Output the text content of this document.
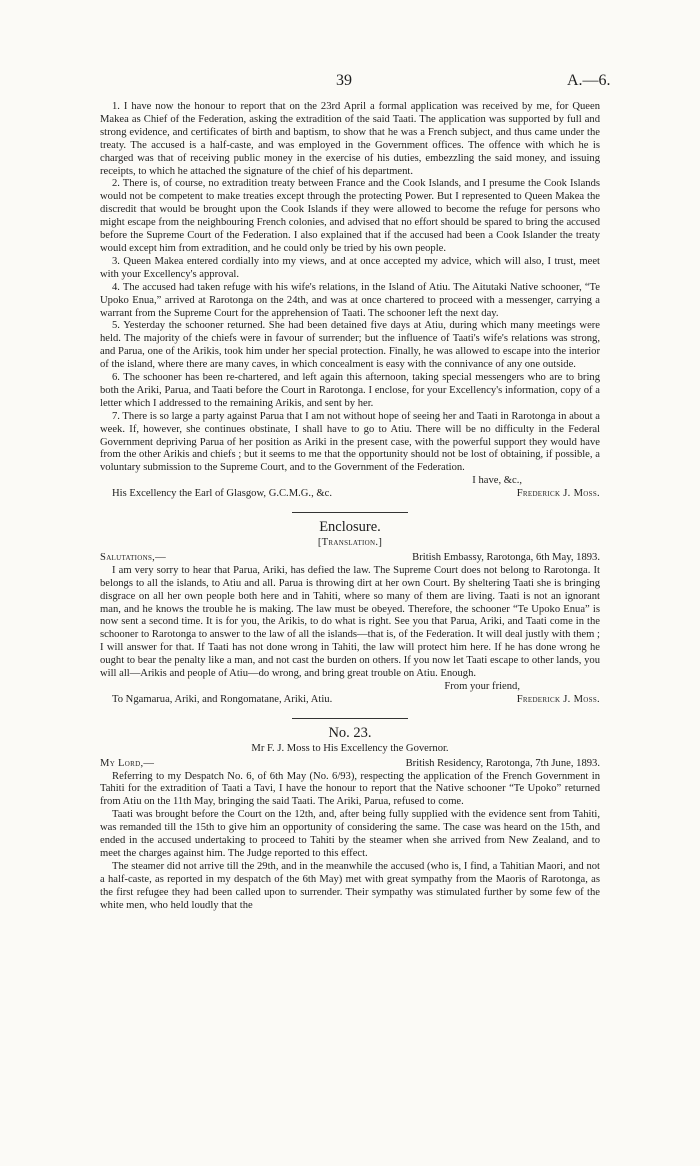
39	A.—6.

1. I have now the honour to report that on the 23rd April a formal application was received by me, for Queen Makea as Chief of the Federation, asking the extradition of the said Taati. The application was supported by full and strong evidence, and certificates of birth and baptism, to show that he was a French subject, and thus came under the treaty. The accused is a half-caste, and was employed in the Government offices. The offence with which he is charged was that of receiving public money in the exercise of his duties, embezzling the said money, and issuing receipts, to which he attached the signature of the chief of his department.

2. There is, of course, no extradition treaty between France and the Cook Islands, and I presume the Cook Islands would not be competent to make treaties except through the protecting Power. But I represented to Queen Makea the discredit that would be brought upon the Cook Islands if they were allowed to become the refuge for persons who might escape from the neighbouring French colonies, and advised that no effort should be spared to bring the accused before the Supreme Court of the Federation. I also explained that if the accused had been a Cook Islander the treaty would except him from extradition, and he could only be tried by his own people.

3. Queen Makea entered cordially into my views, and at once accepted my advice, which will also, I trust, meet with your Excellency's approval.

4. The accused had taken refuge with his wife's relations, in the Island of Atiu. The Aitutaki Native schooner, “Te Upoko Enua,” arrived at Rarotonga on the 24th, and was at once chartered to proceed with a messenger, carrying a warrant from the Supreme Court for the apprehension of Taati. The schooner left the next day.

5. Yesterday the schooner returned. She had been detained five days at Atiu, during which many meetings were held. The majority of the chiefs were in favour of surrender; but the influence of Taati's wife's relations was strong, and Parua, one of the Arikis, took him under her special protection. Finally, he was allowed to escape into the interior of the island, where there are many caves, in which concealment is easy with the connivance of any one outside.

6. The schooner has been re-chartered, and left again this afternoon, taking special messengers who are to bring both the Ariki, Parua, and Taati before the Court in Rarotonga. I enclose, for your Excellency's information, copy of a letter which I addressed to the remaining Arikis, and sent by her.

7. There is so large a party against Parua that I am not without hope of seeing her and Taati in Rarotonga in about a week. If, however, she continues obstinate, I shall have to go to Atiu. There will be no difficulty in the Federal Government depriving Parua of her position as Ariki in the present case, with the powerful support they would have from the other Arikis and chiefs ; but it seems to me that the opportunity should not be lost of obtaining, if possible, a voluntary submission to the Supreme Court, and to the Government of the Federation.

I have, &c.,
His Excellency the Earl of Glasgow, G.C.M.G., &c.	Frederick J. Moss.
Enclosure.
[Translation.]
Salutations,—	British Embassy, Rarotonga, 6th May, 1893.

I am very sorry to hear that Parua, Ariki, has defied the law. The Supreme Court does not belong to Rarotonga. It belongs to all the islands, to Atiu and all. Parua is throwing dirt at her own Court. By sheltering Taati she is bringing disgrace on all her own people both here and in Tahiti, where so many of them are living. Taati is not an ignorant man, and he knows the trouble he is making. The law must be obeyed. Therefore, the schooner “Te Upoko Enua” is now sent a second time. It is for you, the Arikis, to do what is right. See you that Parua, Ariki, and Taati come in the schooner to Rarotonga to answer to the law of all the islands—that is, of the Federation. It will deal justly with them ; I will answer for that. If Taati has not done wrong in Tahiti, the law will protect him here. If he has done wrong he ought to bear the penalty like a man, and not cast the burden on others. If you now let Taati escape to other lands, you will all—Arikis and people of Atiu—do wrong, and bring great trouble on Atiu. Enough.

From your friend,
To Ngamarua, Ariki, and Rongomatane, Ariki, Atiu.	Frederick J. Moss.
No. 23.
Mr F. J. Moss to His Excellency the Governor.
My Lord,—	British Residency, Rarotonga, 7th June, 1893.

Referring to my Despatch No. 6, of 6th May (No. 6/93), respecting the application of the French Government in Tahiti for the extradition of Taati a Tavi, I have the honour to report that the Native schooner “Te Upoko” returned from Atiu on the 11th May, bringing the said Taati. The Ariki, Parua, refused to come.

Taati was brought before the Court on the 12th, and, after being fully supplied with the evidence sent from Tahiti, was remanded till the 15th to give him an opportunity of considering the same. The case was heard on the 15th, and ended in the accused undertaking to proceed to Tahiti by the steamer when she arrived from New Zealand, and to meet the charges against him. The Judge reported to this effect.

The steamer did not arrive till the 29th, and in the meanwhile the accused (who is, I find, a Tahitian Maori, and not a half-caste, as reported in my despatch of the 6th May) met with great sympathy from the Maoris of Rarotonga, as the first refugee they had been called upon to surrender. Their sympathy was stimulated further by some few of the white men, who held loudly that the
